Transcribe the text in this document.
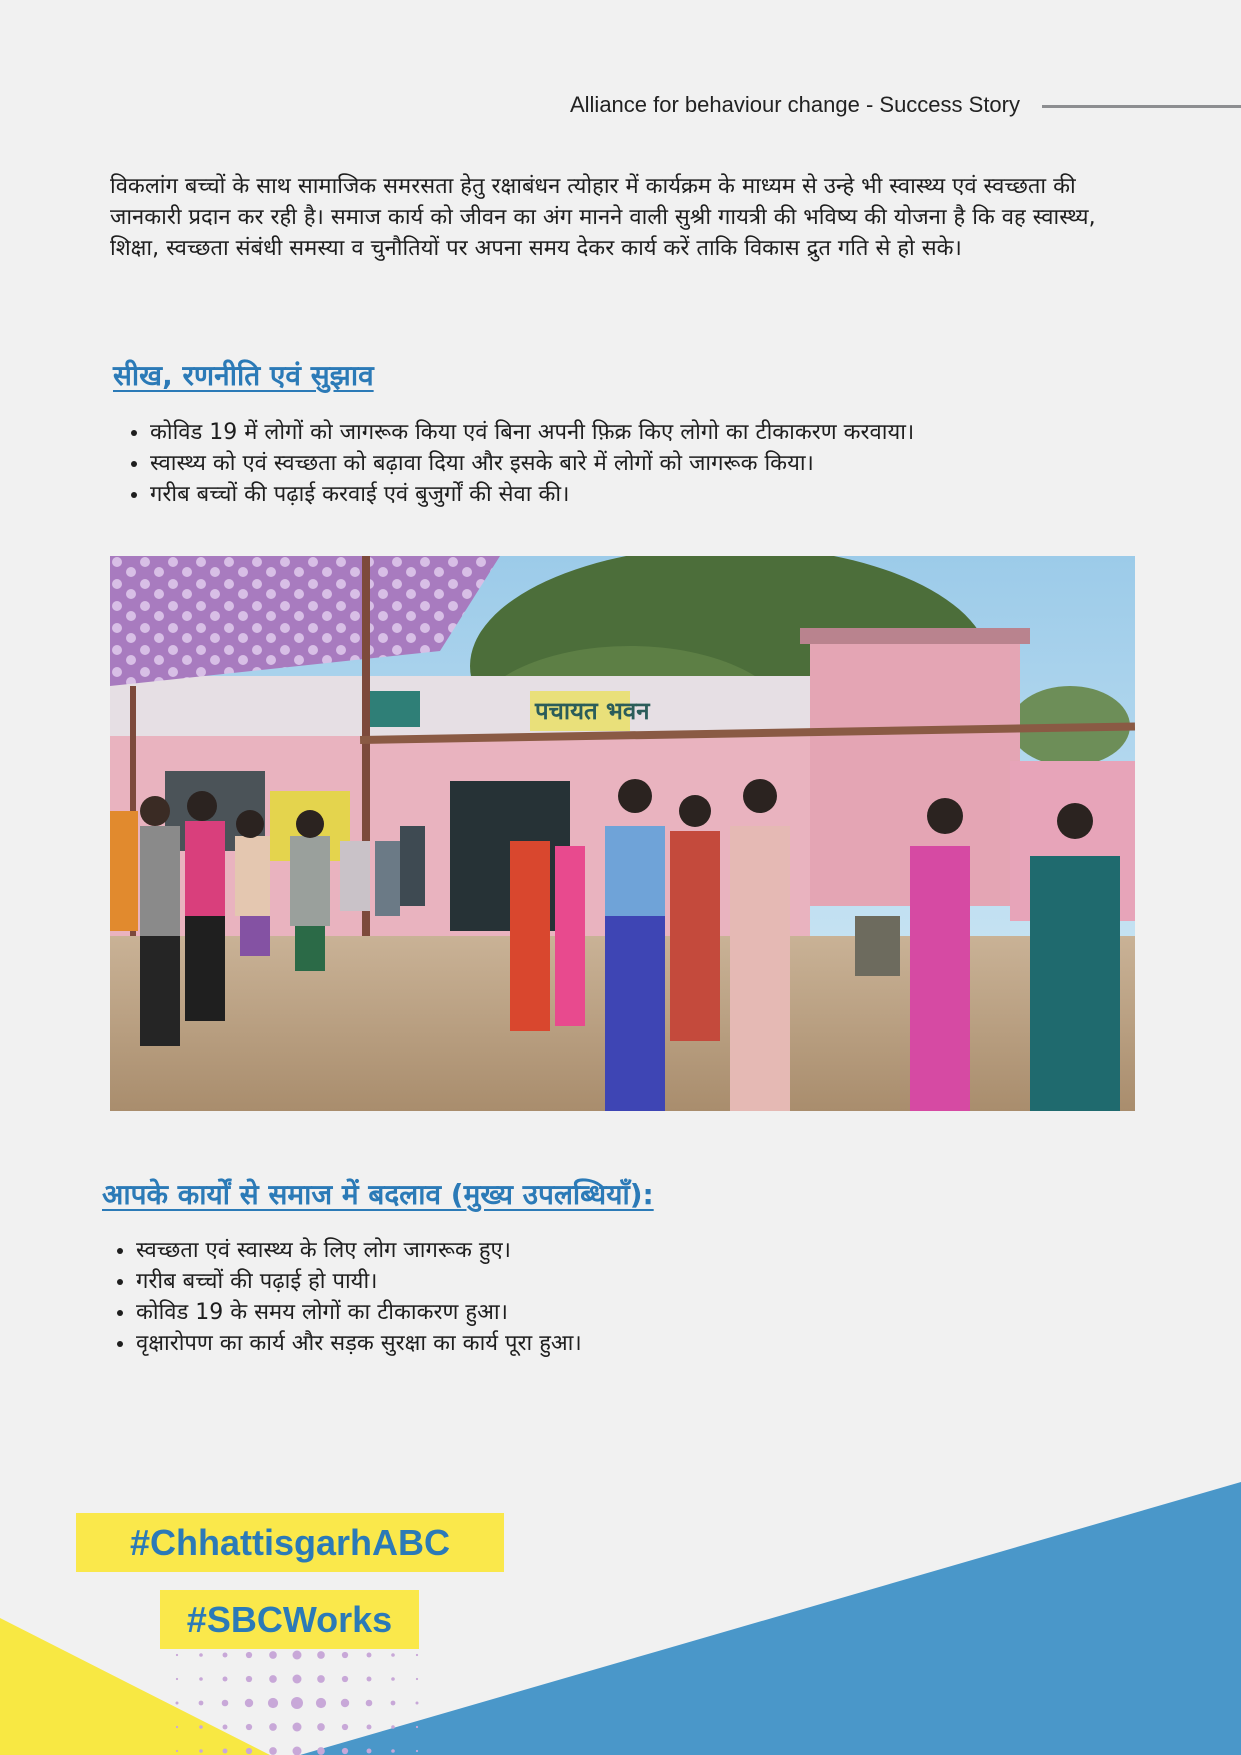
Alliance for behaviour change - Success Story

विकलांग बच्चों के साथ सामाजिक समरसता हेतु रक्षाबंधन त्योहार में कार्यक्रम के माध्यम से उन्हे भी स्वास्थ्य एवं स्वच्छता की जानकारी प्रदान कर रही है। समाज कार्य को जीवन का अंग मानने वाली सुश्री गायत्री की भविष्य की योजना है कि वह स्वास्थ्य, शिक्षा, स्वच्छता संबंधी समस्या व चुनौतियों पर अपना समय देकर कार्य करें ताकि विकास द्रुत गति से हो सके।

सीख, रणनीति एवं सुझाव
• कोविड 19 में लोगों को जागरूक किया एवं बिना अपनी फ़िक्र किए लोगो का टीकाकरण करवाया।
• स्वास्थ्य को एवं स्वच्छता को बढ़ावा दिया और इसके बारे में लोगों को जागरूक किया।
• गरीब बच्चों की पढ़ाई करवाई एवं बुजुर्गों की सेवा की।
पचायत भवन
आपके कार्यों से समाज में बदलाव (मुख्य उपलब्धियाँ):
• स्वच्छता एवं स्वास्थ्य के लिए लोग जागरूक हुए।
• गरीब बच्चों की पढ़ाई हो पायी।
• कोविड 19 के समय लोगों का टीकाकरण हुआ।
• वृक्षारोपण का कार्य और सड़क सुरक्षा का कार्य पूरा हुआ।
#ChhattisgarhABC
#SBCWorks
